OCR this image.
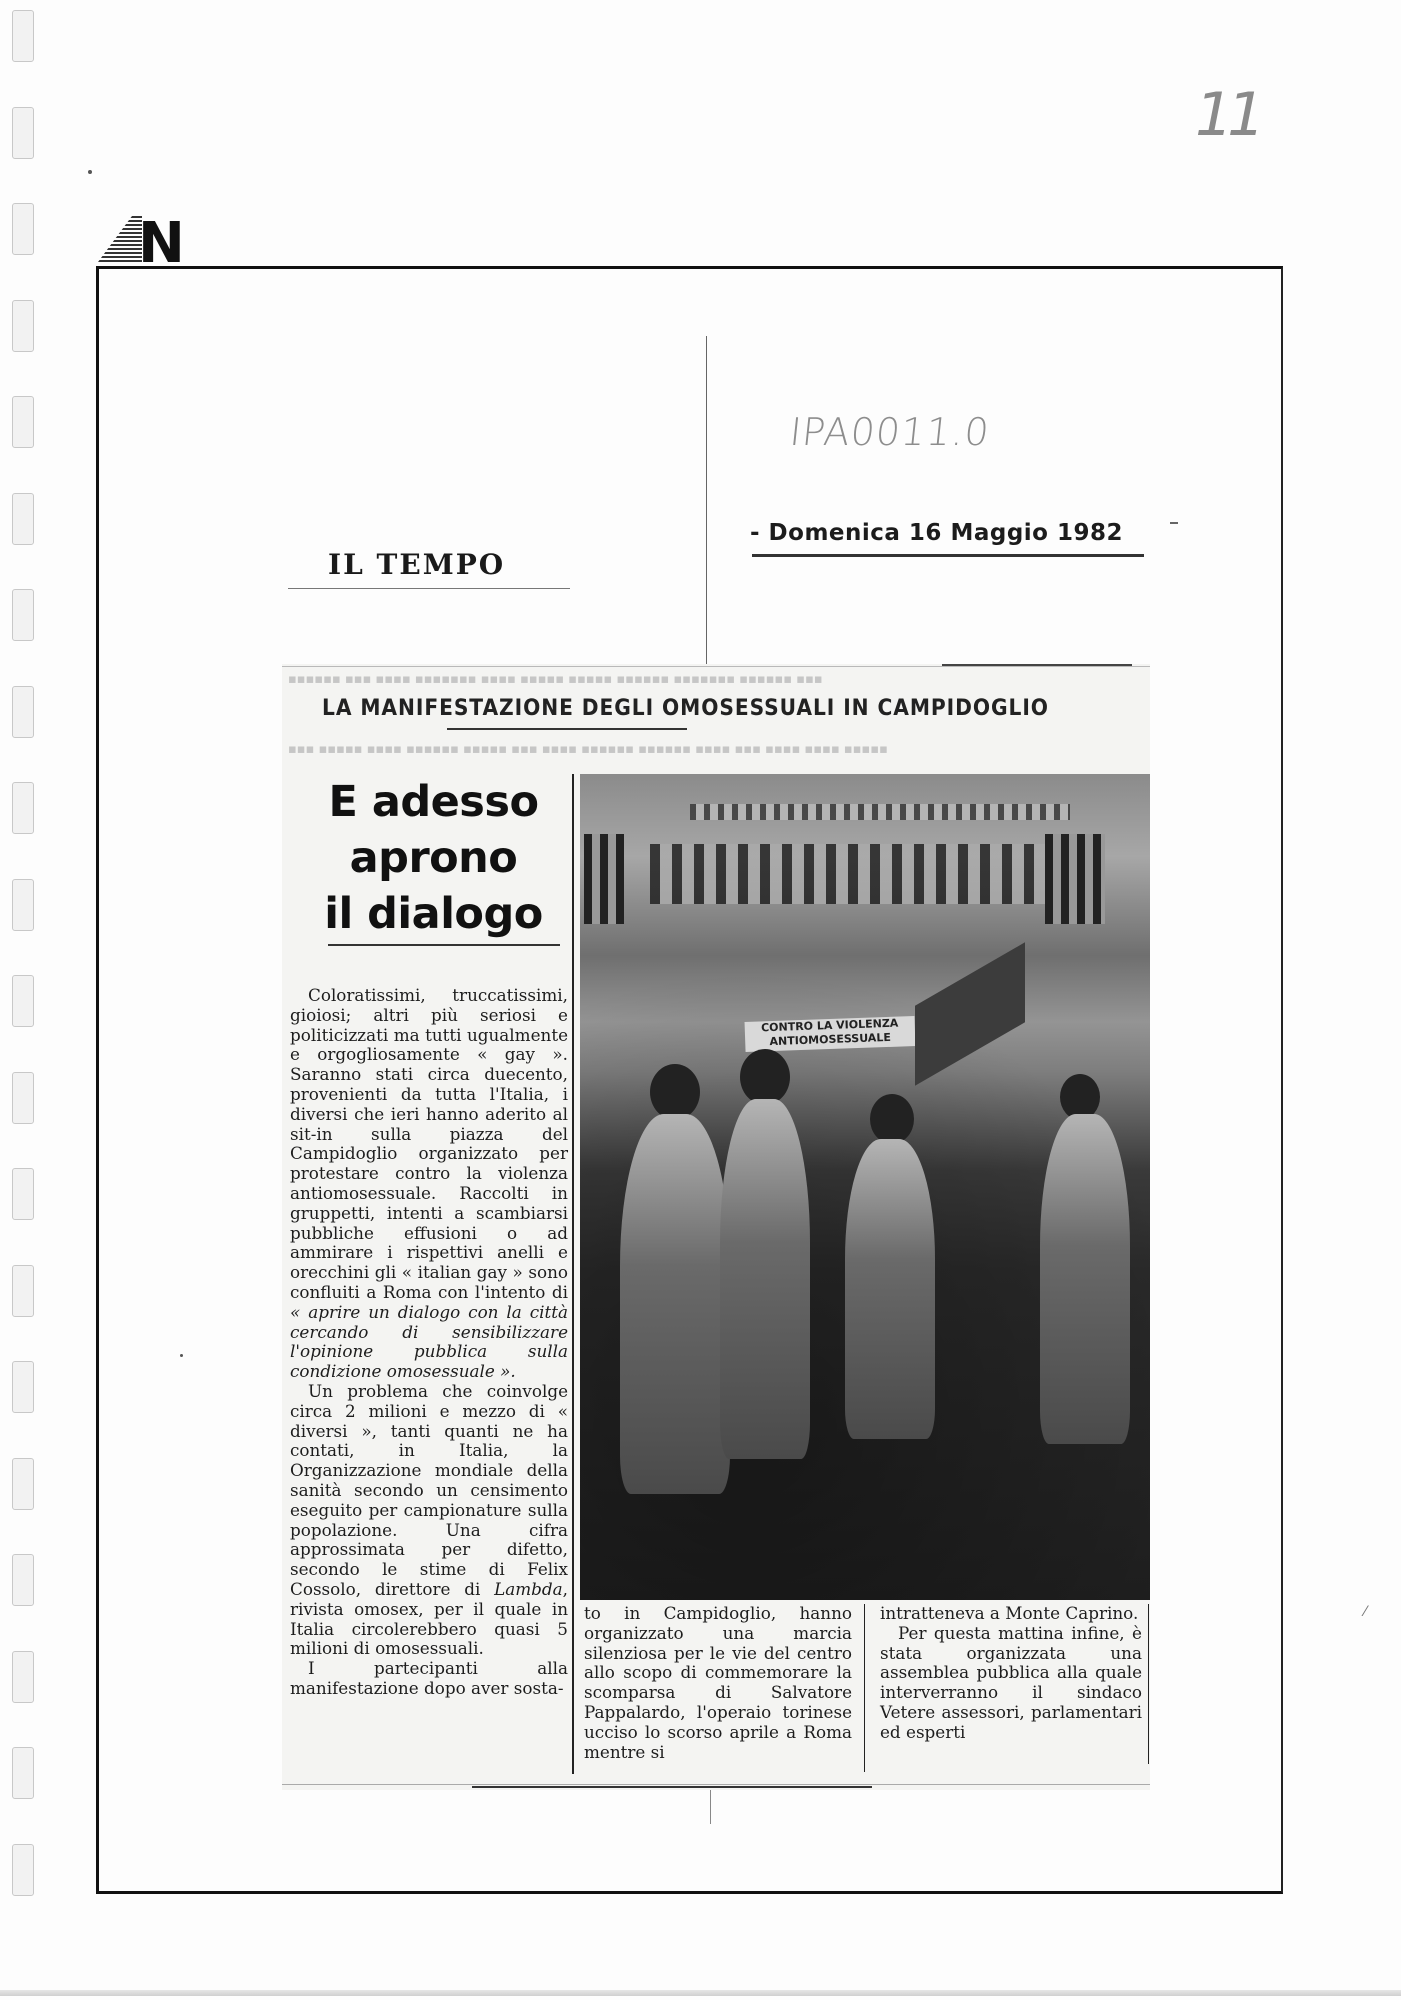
11
N
IL TEMPO
IPA0011.0
- Domenica 16 Maggio 1982
▪▪▪▪▪▪ ▪▪▪ ▪▪▪▪ ▪▪▪▪▪▪▪ ▪▪▪▪ ▪▪▪▪▪ ▪▪▪▪▪ ▪▪▪▪▪▪ ▪▪▪▪▪▪▪ ▪▪▪▪▪▪ ▪▪▪
▪▪▪ ▪▪▪▪▪ ▪▪▪▪ ▪▪▪▪▪▪ ▪▪▪▪▪ ▪▪▪ ▪▪▪▪ ▪▪▪▪▪▪ ▪▪▪▪▪▪ ▪▪▪▪ ▪▪▪ ▪▪▪▪ ▪▪▪▪ ▪▪▪▪▪
LA MANIFESTAZIONE DEGLI OMOSESSUALI IN CAMPIDOGLIO
E adesso
aprono
il dialogo
CONTRO LA VIOLENZA ANTIOMOSESSUALE

Coloratissimi, truccatissimi, gioiosi; altri più seriosi e politicizzati ma tutti ugualmente e orgogliosamente « gay ». Saranno stati circa duecento, provenienti da tutta l'Italia, i diversi che ieri hanno aderito al sit-in sulla piazza del Campidoglio organizzato per protestare contro la violenza antiomosessuale. Raccolti in gruppetti, intenti a scambiarsi pubbliche effusioni o ad ammirare i rispettivi anelli e orecchini gli « italian gay » sono confluiti a Roma con l'intento di « aprire un dialogo con la città cercando di sensibilizzare l'opinione pubblica sulla condizione omosessuale ».

Un problema che coinvolge circa 2 milioni e mezzo di « diversi », tanti quanti ne ha contati, in Italia, la Organizzazione mondiale della sanità secondo un censimento eseguito per campionature sulla popolazione. Una cifra approssimata per difetto, secondo le stime di Felix Cossolo, direttore di Lambda, rivista omosex, per il quale in Italia circolerebbero quasi 5 milioni di omosessuali.

I partecipanti alla manifestazione dopo aver sosta-

to in Campidoglio, hanno organizzato una marcia silenziosa per le vie del centro allo scopo di commemorare la scomparsa di Salvatore Pappalardo, l'operaio torinese ucciso lo scorso aprile a Roma mentre si

intratteneva a Monte Caprino.

Per questa mattina infine, è stata organizzata una assemblea pubblica alla quale interverranno il sindaco Vetere assessori, parlamentari ed esperti

⁄
